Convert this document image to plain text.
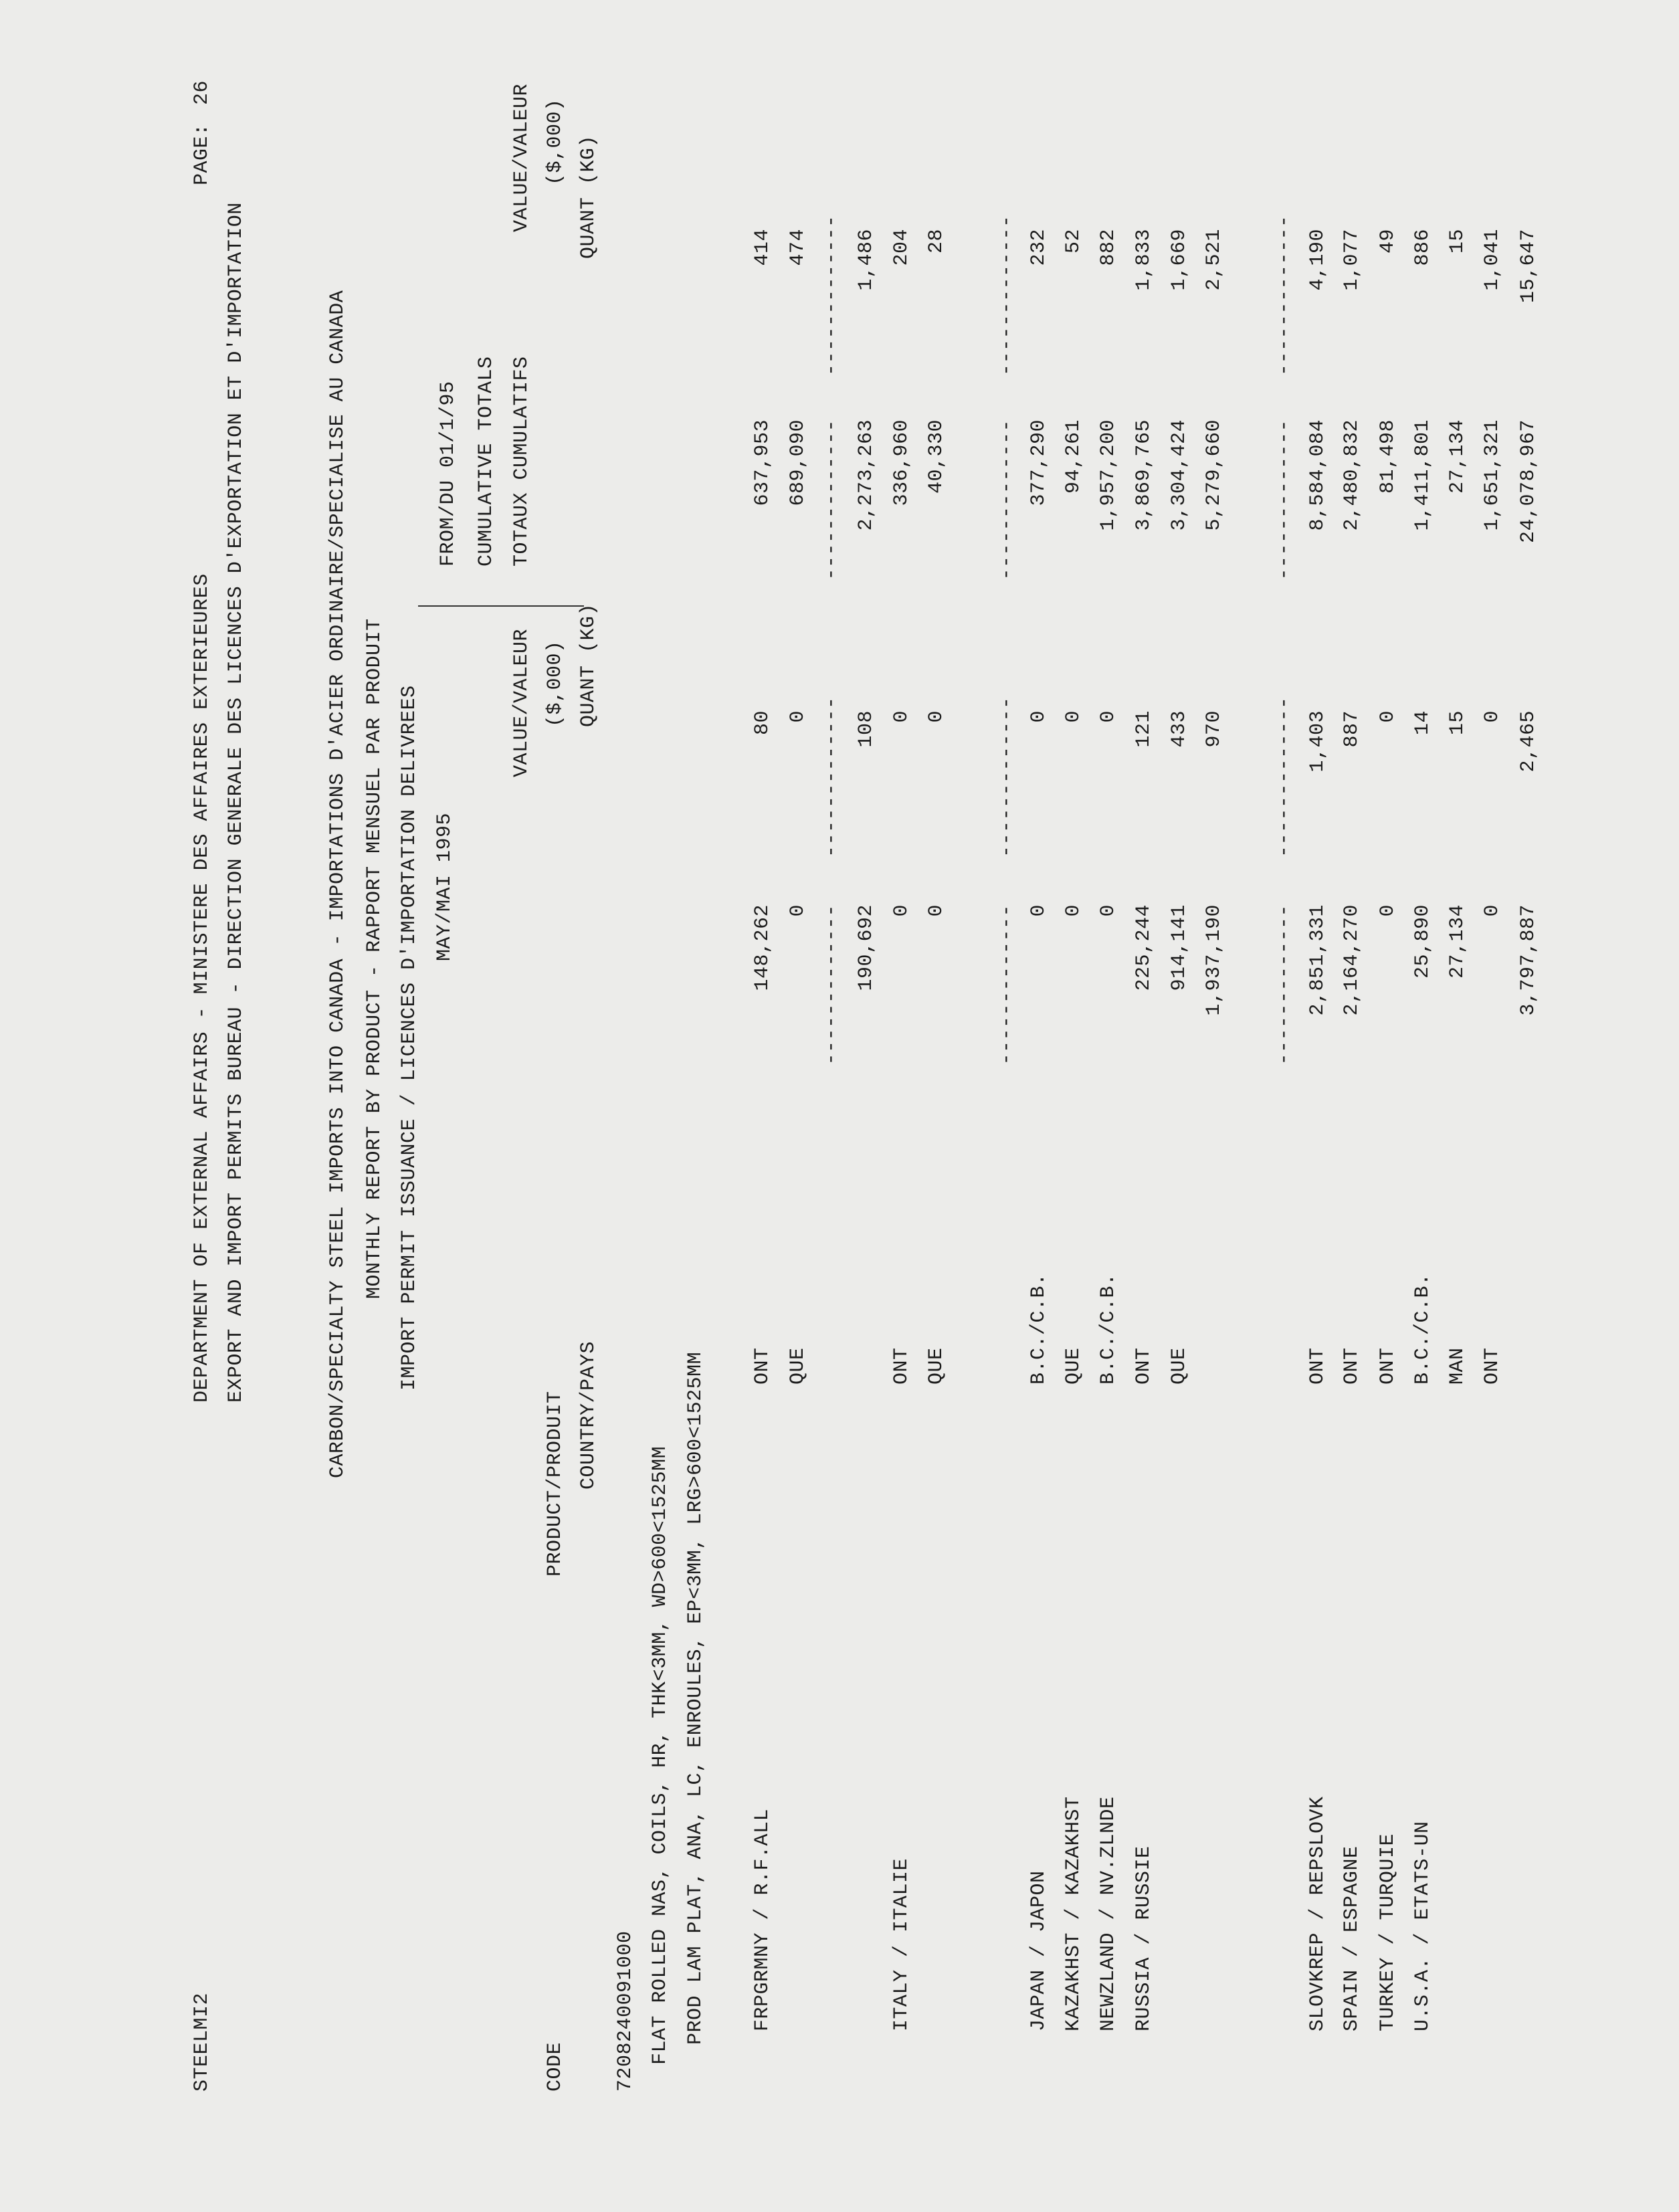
STEELMI2
DEPARTMENT OF EXTERNAL AFFAIRS - MINISTERE DES AFFAIRES EXTERIEURES
PAGE:
26
EXPORT AND IMPORT PERMITS BUREAU - DIRECTION GENERALE DES LICENCES D'EXPORTATION ET D'IMPORTATION	CARBON/SPECIALTY STEEL IMPORTS INTO CANADA - IMPORTATIONS D'ACIER ORDINAIRE/SPECIALISE AU CANADA MONTHLY REPORT BY PRODUCT - RAPPORT MENSUEL PAR PRODUIT IMPORT PERMIT ISSUANCE / LICENCES D'IMPORTATION DELIVREES MAY/MAI 1995
FROM/DU 01/1/95 CUMULATIVE TOTALS TOTAUX CUMULATIFS
CODE
PRODUCT/PRODUIT COUNTRY/PAYS
VALUE/VALEUR ($,000) QUANT (KG)
QUANT (KG)
VALUE/VALEUR ($,000)
7208240091000 FLAT ROLLED NAS, COILS, HR, THK<3MM, WD>600<1525MM PROD LAM PLAT, ANA, LC, ENROULES, EP<3MM, LRG>600<1525MM FRPGRMNY / R.F.ALL
ONT
148,262
80
637,953
414
QUE
0
0
689,090
474
190,692
108
2,273,263
1,486
ITALY / ITALIE
ONT
0
0
336,960
204
QUE
0
0
40,330
28
JAPAN / JAPON
B.C./C.B.
0
0
377,290
232
KAZAKHST / KAZAKHST
QUE
0
0
94,261
52
NEWZLAND / NV.ZLNDE
B.C./C.B.
0
0
1,957,200
882
RUSSIA / RUSSIE
ONT
225,244
121
3,869,765
1,833
QUE
914,141
433
3,304,424
1,669
1,937,190
970
5,279,660
2,521
SLOVKREP / REPSLOVK
ONT
2,851,331
1,403
8,584,084
4,190
SPAIN / ESPAGNE
ONT
2,164,270
887
2,480,832
1,077
TURKEY / TURQUIE
ONT
0
0
81,498
49
U.S.A. / ETATS-UN
B.C./C.B.
25,890
14
1,411,801
886
MAN
27,134
15
27,134
15
ONT
0
0
1,651,321
1,041
3,797,887
2,465
24,078,967
15,647
-------------
-------------
-------------
-------------
-------------
-------------
-------------
-------------
-------------
-------------
-------------
-------------
